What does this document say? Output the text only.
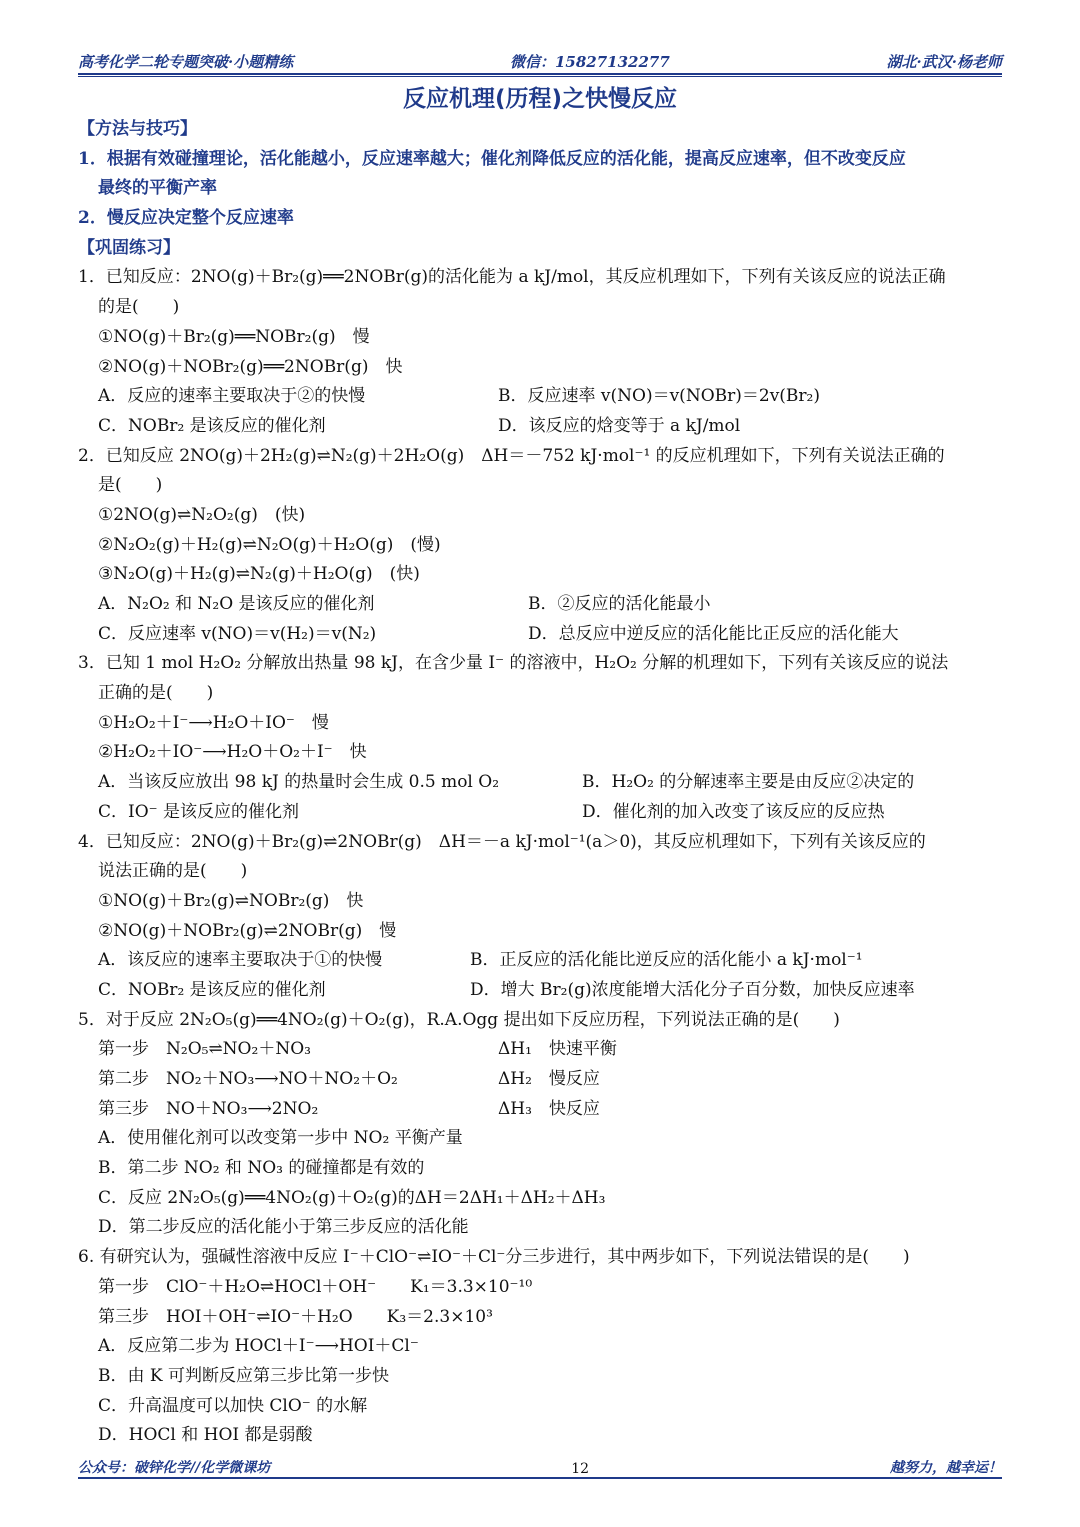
高考化学二轮专题突破·小题精练	微信：15827132277	湖北·武汉·杨老师
反应机理(历程)之快慢反应
【方法与技巧】
1．根据有效碰撞理论，活化能越小，反应速率越大；催化剂降低反应的活化能，提高反应速率，但不改变反应
最终的平衡产率
2．慢反应决定整个反应速率
【巩固练习】
1．已知反应：2NO(g)＋Br₂(g)══2NOBr(g)的活化能为 a kJ/mol，其反应机理如下，下列有关该反应的说法正确
的是(　　)
①NO(g)＋Br₂(g)══NOBr₂(g)　慢
②NO(g)＋NOBr₂(g)══2NOBr(g)　快
A．反应的速率主要取决于②的快慢	B．反应速率 v(NO)＝v(NOBr)＝2v(Br₂)
C．NOBr₂ 是该反应的催化剂	D．该反应的焓变等于 a kJ/mol
2．已知反应 2NO(g)＋2H₂(g)⇌N₂(g)＋2H₂O(g)　ΔH＝－752 kJ·mol⁻¹ 的反应机理如下，下列有关说法正确的
是(　　)
①2NO(g)⇌N₂O₂(g)　(快)
②N₂O₂(g)＋H₂(g)⇌N₂O(g)＋H₂O(g)　(慢)
③N₂O(g)＋H₂(g)⇌N₂(g)＋H₂O(g)　(快)
A．N₂O₂ 和 N₂O 是该反应的催化剂	B．②反应的活化能最小
C．反应速率 v(NO)＝v(H₂)＝v(N₂)	D．总反应中逆反应的活化能比正反应的活化能大
3．已知 1 mol H₂O₂ 分解放出热量 98 kJ，在含少量 I⁻ 的溶液中，H₂O₂ 分解的机理如下，下列有关该反应的说法
正确的是(　　)
①H₂O₂＋I⁻⟶H₂O＋IO⁻　慢
②H₂O₂＋IO⁻⟶H₂O＋O₂＋I⁻　快
A．当该反应放出 98 kJ 的热量时会生成 0.5 mol O₂	B．H₂O₂ 的分解速率主要是由反应②决定的
C．IO⁻ 是该反应的催化剂	D．催化剂的加入改变了该反应的反应热
4．已知反应：2NO(g)＋Br₂(g)⇌2NOBr(g)　ΔH＝－a kJ·mol⁻¹(a＞0)，其反应机理如下，下列有关该反应的
说法正确的是(　　)
①NO(g)＋Br₂(g)⇌NOBr₂(g)　快
②NO(g)＋NOBr₂(g)⇌2NOBr(g)　慢
A．该反应的速率主要取决于①的快慢	B．正反应的活化能比逆反应的活化能小 a kJ·mol⁻¹
C．NOBr₂ 是该反应的催化剂	D．增大 Br₂(g)浓度能增大活化分子百分数，加快反应速率
5．对于反应 2N₂O₅(g)══4NO₂(g)＋O₂(g)，R.A.Ogg 提出如下反应历程，下列说法正确的是(　　)
第一步　N₂O₅⇌NO₂＋NO₃	ΔH₁　快速平衡
第二步　NO₂＋NO₃⟶NO＋NO₂＋O₂	ΔH₂　慢反应
第三步　NO＋NO₃⟶2NO₂	ΔH₃　快反应
A．使用催化剂可以改变第一步中 NO₂ 平衡产量
B．第二步 NO₂ 和 NO₃ 的碰撞都是有效的
C．反应 2N₂O₅(g)══4NO₂(g)＋O₂(g)的ΔH＝2ΔH₁＋ΔH₂＋ΔH₃
D．第二步反应的活化能小于第三步反应的活化能
6. 有研究认为，强碱性溶液中反应 I⁻＋ClO⁻⇌IO⁻＋Cl⁻分三步进行，其中两步如下，下列说法错误的是(　　)
第一步　ClO⁻＋H₂O⇌HOCl＋OH⁻　　K₁＝3.3×10⁻¹⁰
第三步　HOI＋OH⁻⇌IO⁻＋H₂O　　K₃＝2.3×10³
A．反应第二步为 HOCl＋I⁻⟶HOI＋Cl⁻
B．由 K 可判断反应第三步比第一步快
C．升高温度可以加快 ClO⁻ 的水解
D．HOCl 和 HOI 都是弱酸
公众号：破锌化学//化学微课坊	12	越努力，越幸运！
